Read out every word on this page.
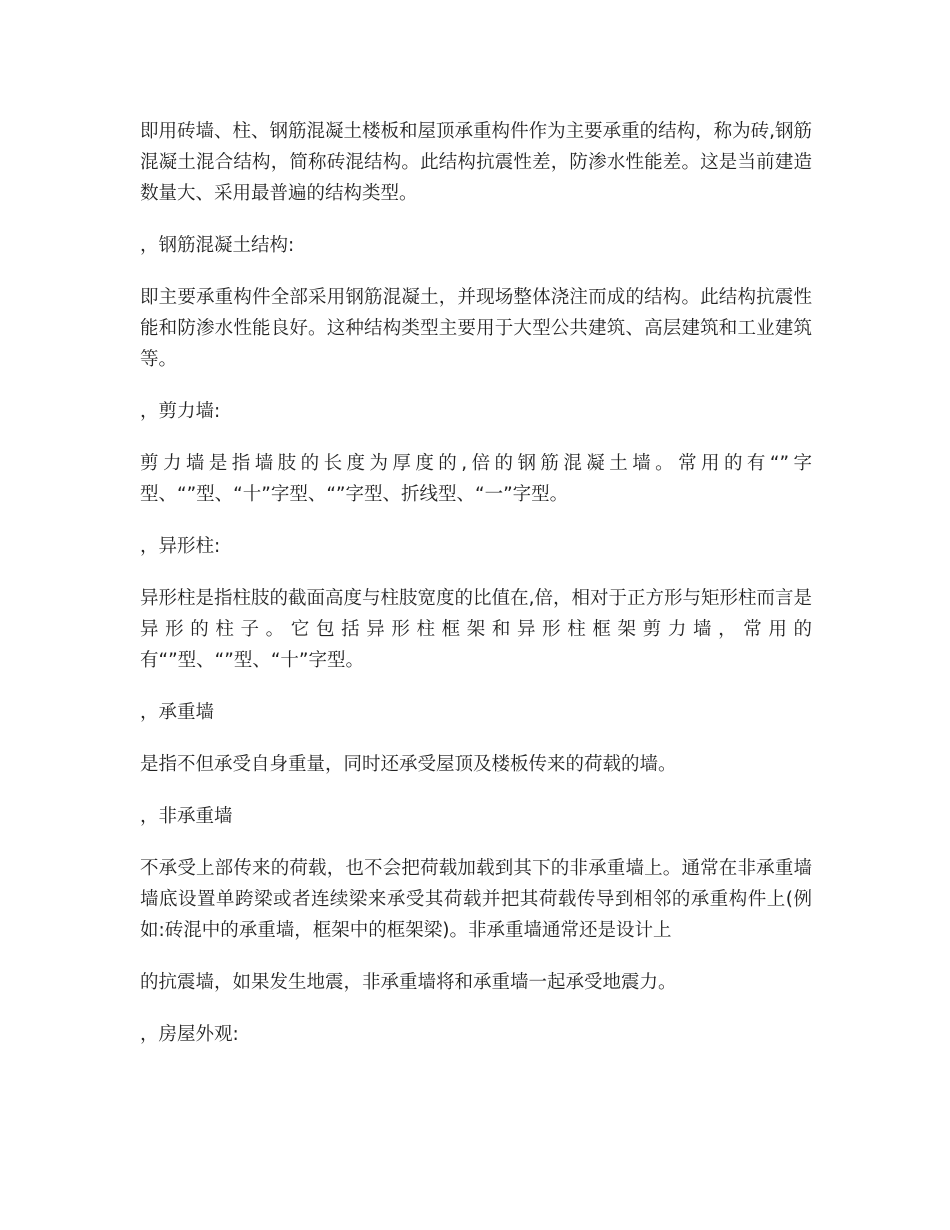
即用砖墙、柱、钢筋混凝土楼板和屋顶承重构件作为主要承重的结构，称为砖,钢筋混凝土混合结构，简称砖混结构。此结构抗震性差，防渗水性能差。这是当前建造数量大、采用最普遍的结构类型。

，钢筋混凝土结构:

即主要承重构件全部采用钢筋混凝土，并现场整体浇注而成的结构。此结构抗震性能和防渗水性能良好。这种结构类型主要用于大型公共建筑、高层建筑和工业建筑等。

，剪力墙:

剪力墙是指墙肢的长度为厚度的,倍的钢筋混凝土墙。常用的有“”字型、“”型、“十”字型、“”字型、折线型、“一”字型。

，异形柱:

异形柱是指柱肢的截面高度与柱肢宽度的比值在,倍，相对于正方形与矩形柱而言是异形的柱子。它包括异形柱框架和异形柱框架剪力墙，常用的有“”型、“”型、“十”字型。

，承重墙

是指不但承受自身重量，同时还承受屋顶及楼板传来的荷载的墙。

，非承重墙

不承受上部传来的荷载，也不会把荷载加载到其下的非承重墙上。通常在非承重墙墙底设置单跨梁或者连续梁来承受其荷载并把其荷载传导到相邻的承重构件上(例如:砖混中的承重墙，框架中的框架梁)。非承重墙通常还是设计上

的抗震墙，如果发生地震，非承重墙将和承重墙一起承受地震力。

，房屋外观:
